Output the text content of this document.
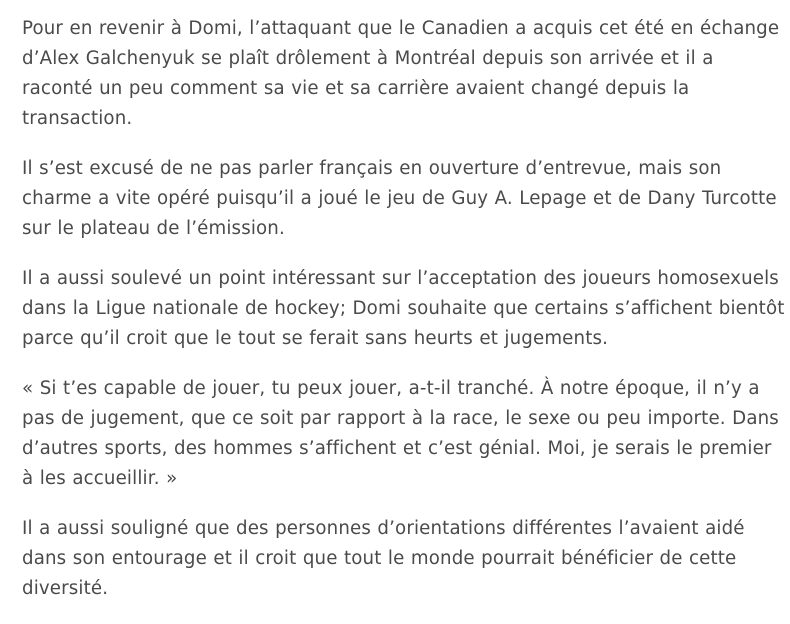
Pour en revenir à Domi, l’attaquant que le Canadien a acquis cet été en échange d’Alex Galchenyuk se plaît drôlement à Montréal depuis son arrivée et il a raconté un peu comment sa vie et sa carrière avaient changé depuis la transaction.

Il s’est excusé de ne pas parler français en ouverture d’entrevue, mais son charme a vite opéré puisqu’il a joué le jeu de Guy A. Lepage et de Dany Turcotte sur le plateau de l’émission.

Il a aussi soulevé un point intéressant sur l’acceptation des joueurs homosexuels dans la Ligue nationale de hockey; Domi souhaite que certains s’affichent bientôt parce qu’il croit que le tout se ferait sans heurts et jugements.

« Si t’es capable de jouer, tu peux jouer, a-t-il tranché. À notre époque, il n’y a pas de jugement, que ce soit par rapport à la race, le sexe ou peu importe. Dans d’autres sports, des hommes s’affichent et c’est génial. Moi, je serais le premier à les accueillir. »

Il a aussi souligné que des personnes d’orientations différentes l’avaient aidé dans son entourage et il croit que tout le monde pourrait bénéficier de cette diversité.
